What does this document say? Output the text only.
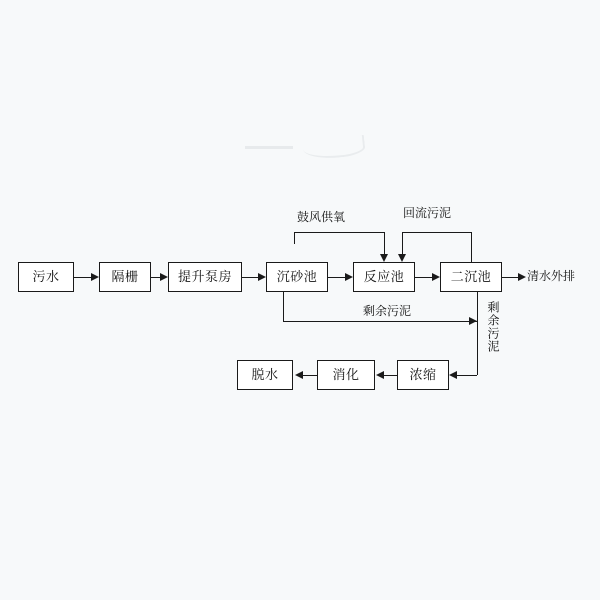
污水	隔栅	提升泵房	沉砂池	反应池	二沉池	清水外排
鼓风供氧	回流污泥
剩余污泥	剩余污泥
浓缩
消化
脱水
